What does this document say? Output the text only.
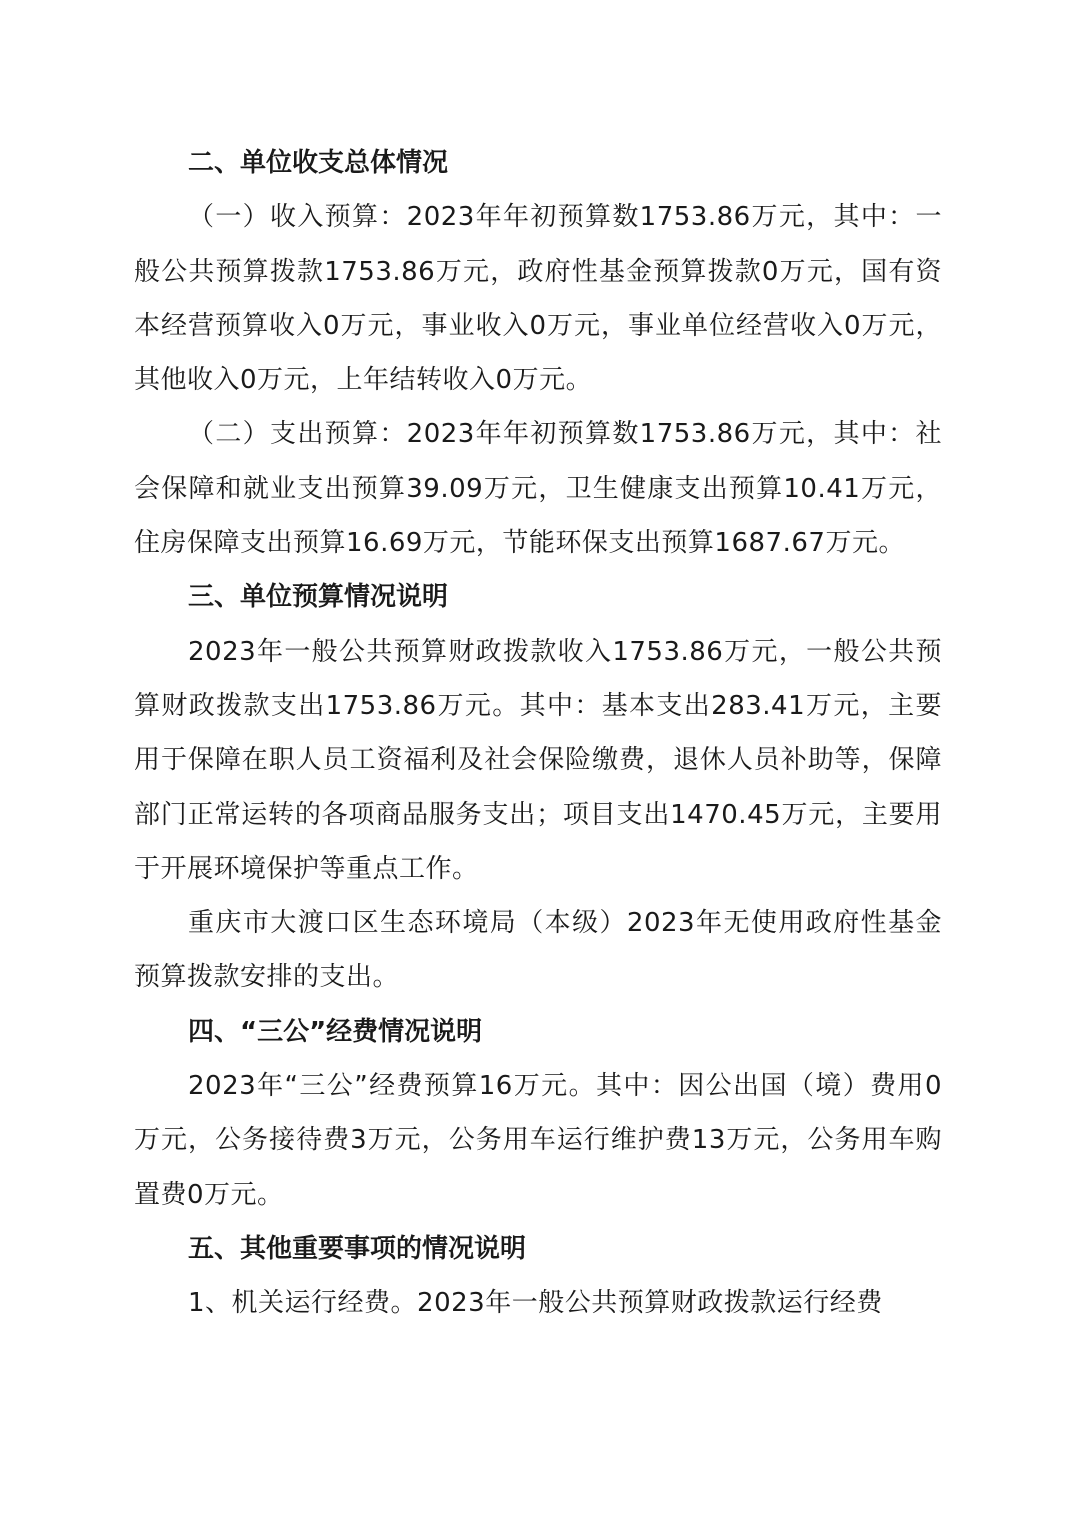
二、单位收支总体情况

（一）收入预算：2023年年初预算数1753.86万元，其中：一般公共预算拨款1753.86万元，政府性基金预算拨款0万元，国有资本经营预算收入0万元，事业收入0万元，事业单位经营收入0万元，其他收入0万元，上年结转收入0万元。

（二）支出预算：2023年年初预算数1753.86万元，其中：社会保障和就业支出预算39.09万元，卫生健康支出预算10.41万元，住房保障支出预算16.69万元，节能环保支出预算1687.67万元。

三、单位预算情况说明

2023年一般公共预算财政拨款收入1753.86万元，一般公共预算财政拨款支出1753.86万元。其中：基本支出283.41万元，主要用于保障在职人员工资福利及社会保险缴费，退休人员补助等，保障部门正常运转的各项商品服务支出；项目支出1470.45万元，主要用于开展环境保护等重点工作。

重庆市大渡口区生态环境局（本级）2023年无使用政府性基金预算拨款安排的支出。

四、“三公”经费情况说明

2023年“三公”经费预算16万元。其中：因公出国（境）费用0万元，公务接待费3万元，公务用车运行维护费13万元，公务用车购置费0万元。

五、其他重要事项的情况说明

1、机关运行经费。2023年一般公共预算财政拨款运行经费
